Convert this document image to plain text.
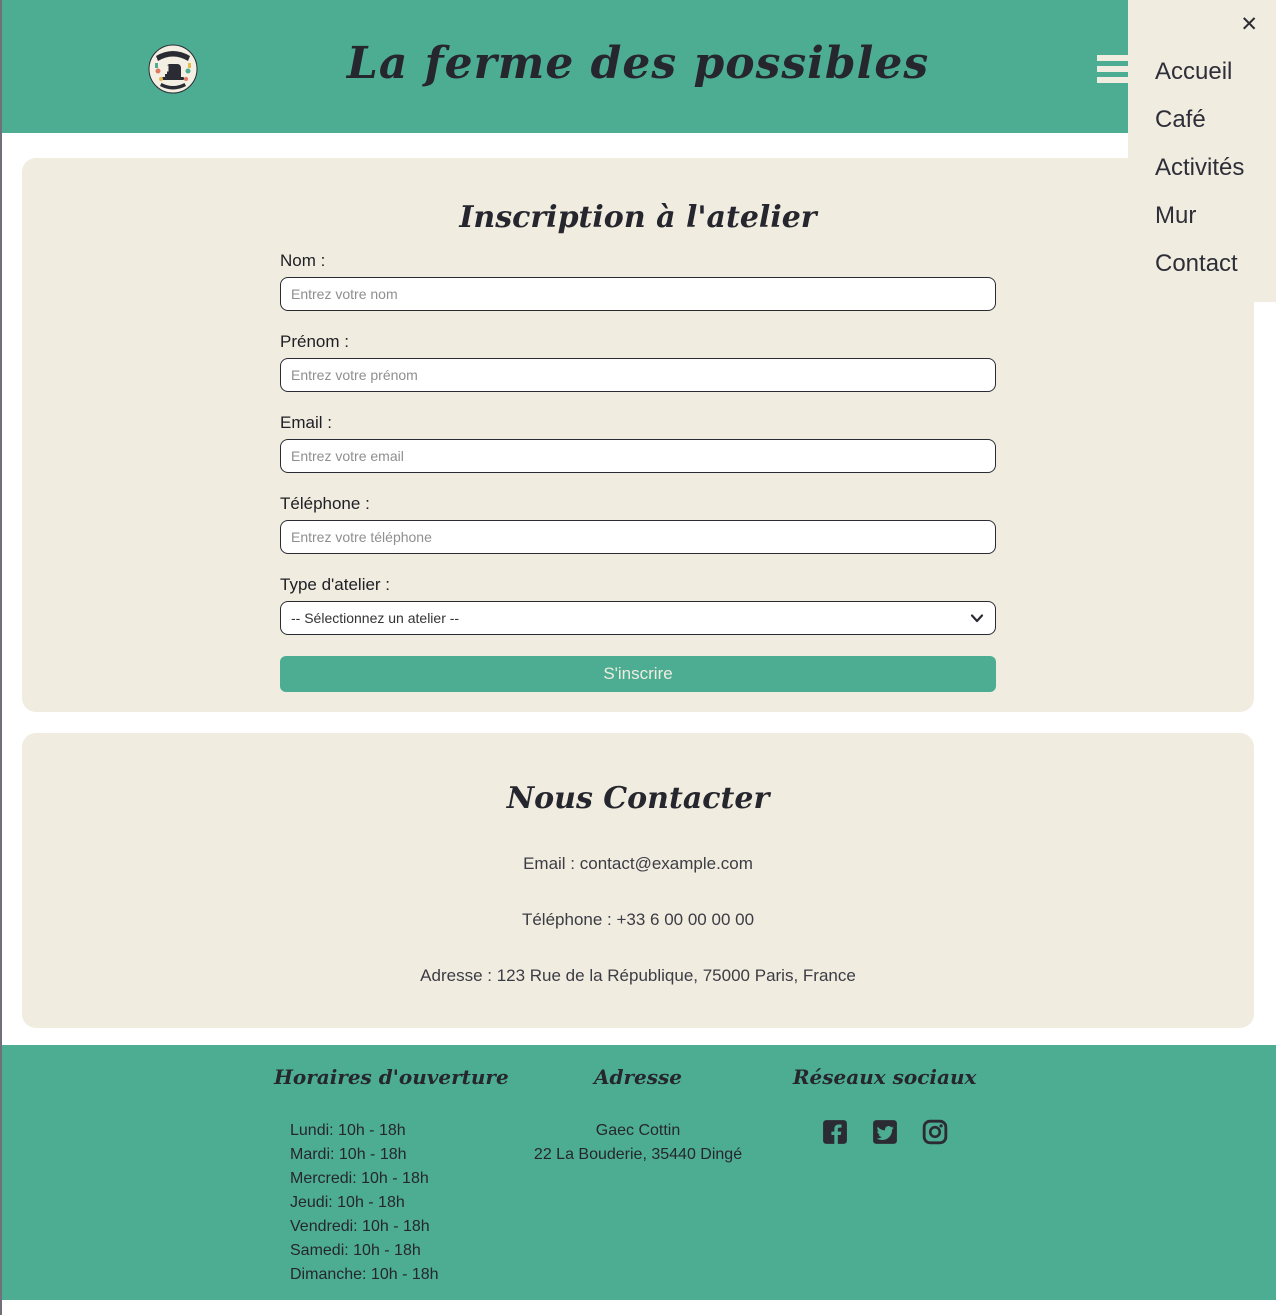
La ferme des possibles
✕
Accueil
Café
Activités
Mur
Contact
Inscription à l'atelier
Nom :
Entrez votre nom
Prénom :
Entrez votre prénom
Email :
Entrez votre email
Téléphone :
Entrez votre téléphone
Type d'atelier :
-- Sélectionnez un atelier --
S'inscrire
Nous Contacter

Email : contact@example.com

Téléphone : +33 6 00 00 00 00

Adresse : 123 Rue de la République, 75000 Paris, France

Horaires d'ouverture
Lundi: 10h - 18h
Mardi: 10h - 18h
Mercredi: 10h - 18h
Jeudi: 10h - 18h
Vendredi: 10h - 18h
Samedi: 10h - 18h
Dimanche: 10h - 18h
Adresse
Gaec Cottin
22 La Bouderie, 35440 Dingé
Réseaux sociaux
